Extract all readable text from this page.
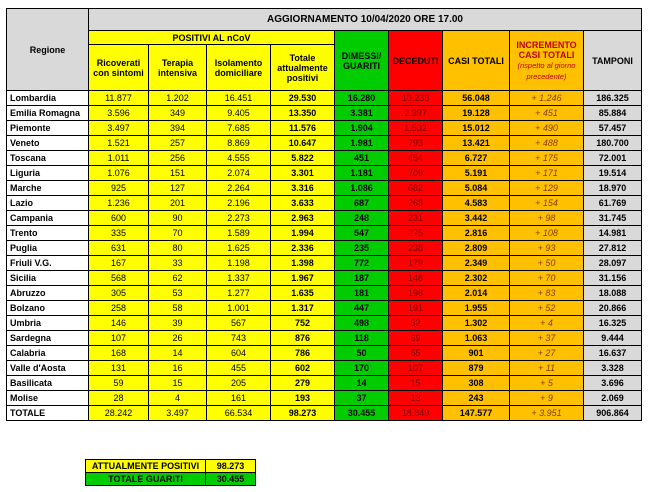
Regione	AGGIORNAMENTO 10/04/2020 ORE 17.00								
	POSITIVI AL nCoV				DIMESSI/ GUARITI	DECEDUTI	CASI TOTALI	INCREMENTO CASI TOTALI
(rispetto al giorno precedente)	TAMPONI
	Ricoverati con sintomi	Terapia intensiva	Isolamento domiciliare	Totale attualmente positivi					
Lombardia	11.877	1.202	16.451	29.530	16.280	10.238	56.048	+ 1.246	186.325
Emilia Romagna	3.596	349	9.405	13.350	3.381	2.397	19.128	+ 451	85.884
Piemonte	3.497	394	7.685	11.576	1.904	1.532	15.012	+ 490	57.457
Veneto	1.521	257	8.869	10.647	1.981	793	13.421	+ 488	180.700
Toscana	1.011	256	4.555	5.822	451	454	6.727	+ 175	72.001
Liguria	1.076	151	2.074	3.301	1.181	709	5.191	+ 171	19.514
Marche	925	127	2.264	3.316	1.086	682	5.084	+ 129	18.970
Lazio	1.236	201	2.196	3.633	687	263	4.583	+ 154	61.769
Campania	600	90	2.273	2.963	248	231	3.442	+ 98	31.745
Trento	335	70	1.589	1.994	547	275	2.816	+ 108	14.981
Puglia	631	80	1.625	2.336	235	238	2.809	+ 93	27.812
Friuli V.G.	167	33	1.198	1.398	772	179	2.349	+ 50	28.097
Sicilia	568	62	1.337	1.967	187	148	2.302	+ 70	31.156
Abruzzo	305	53	1.277	1.635	181	198	2.014	+ 83	18.088
Bolzano	258	58	1.001	1.317	447	191	1.955	+ 52	20.866
Umbria	146	39	567	752	498	52	1.302	+ 4	16.325
Sardegna	107	26	743	876	118	69	1.063	+ 37	9.444
Calabria	168	14	604	786	50	65	901	+ 27	16.637
Valle d'Aosta	131	16	455	602	170	107	879	+ 11	3.328
Basilicata	59	15	205	279	14	15	308	+ 5	3.696
Molise	28	4	161	193	37	13	243	+ 9	2.069
TOTALE	28.242	3.497	66.534	98.273	30.455	18.849	147.577	+ 3.951	906.864
ATTUALMENTE POSITIVI	98.273
TOTALE GUARITI	30.455
